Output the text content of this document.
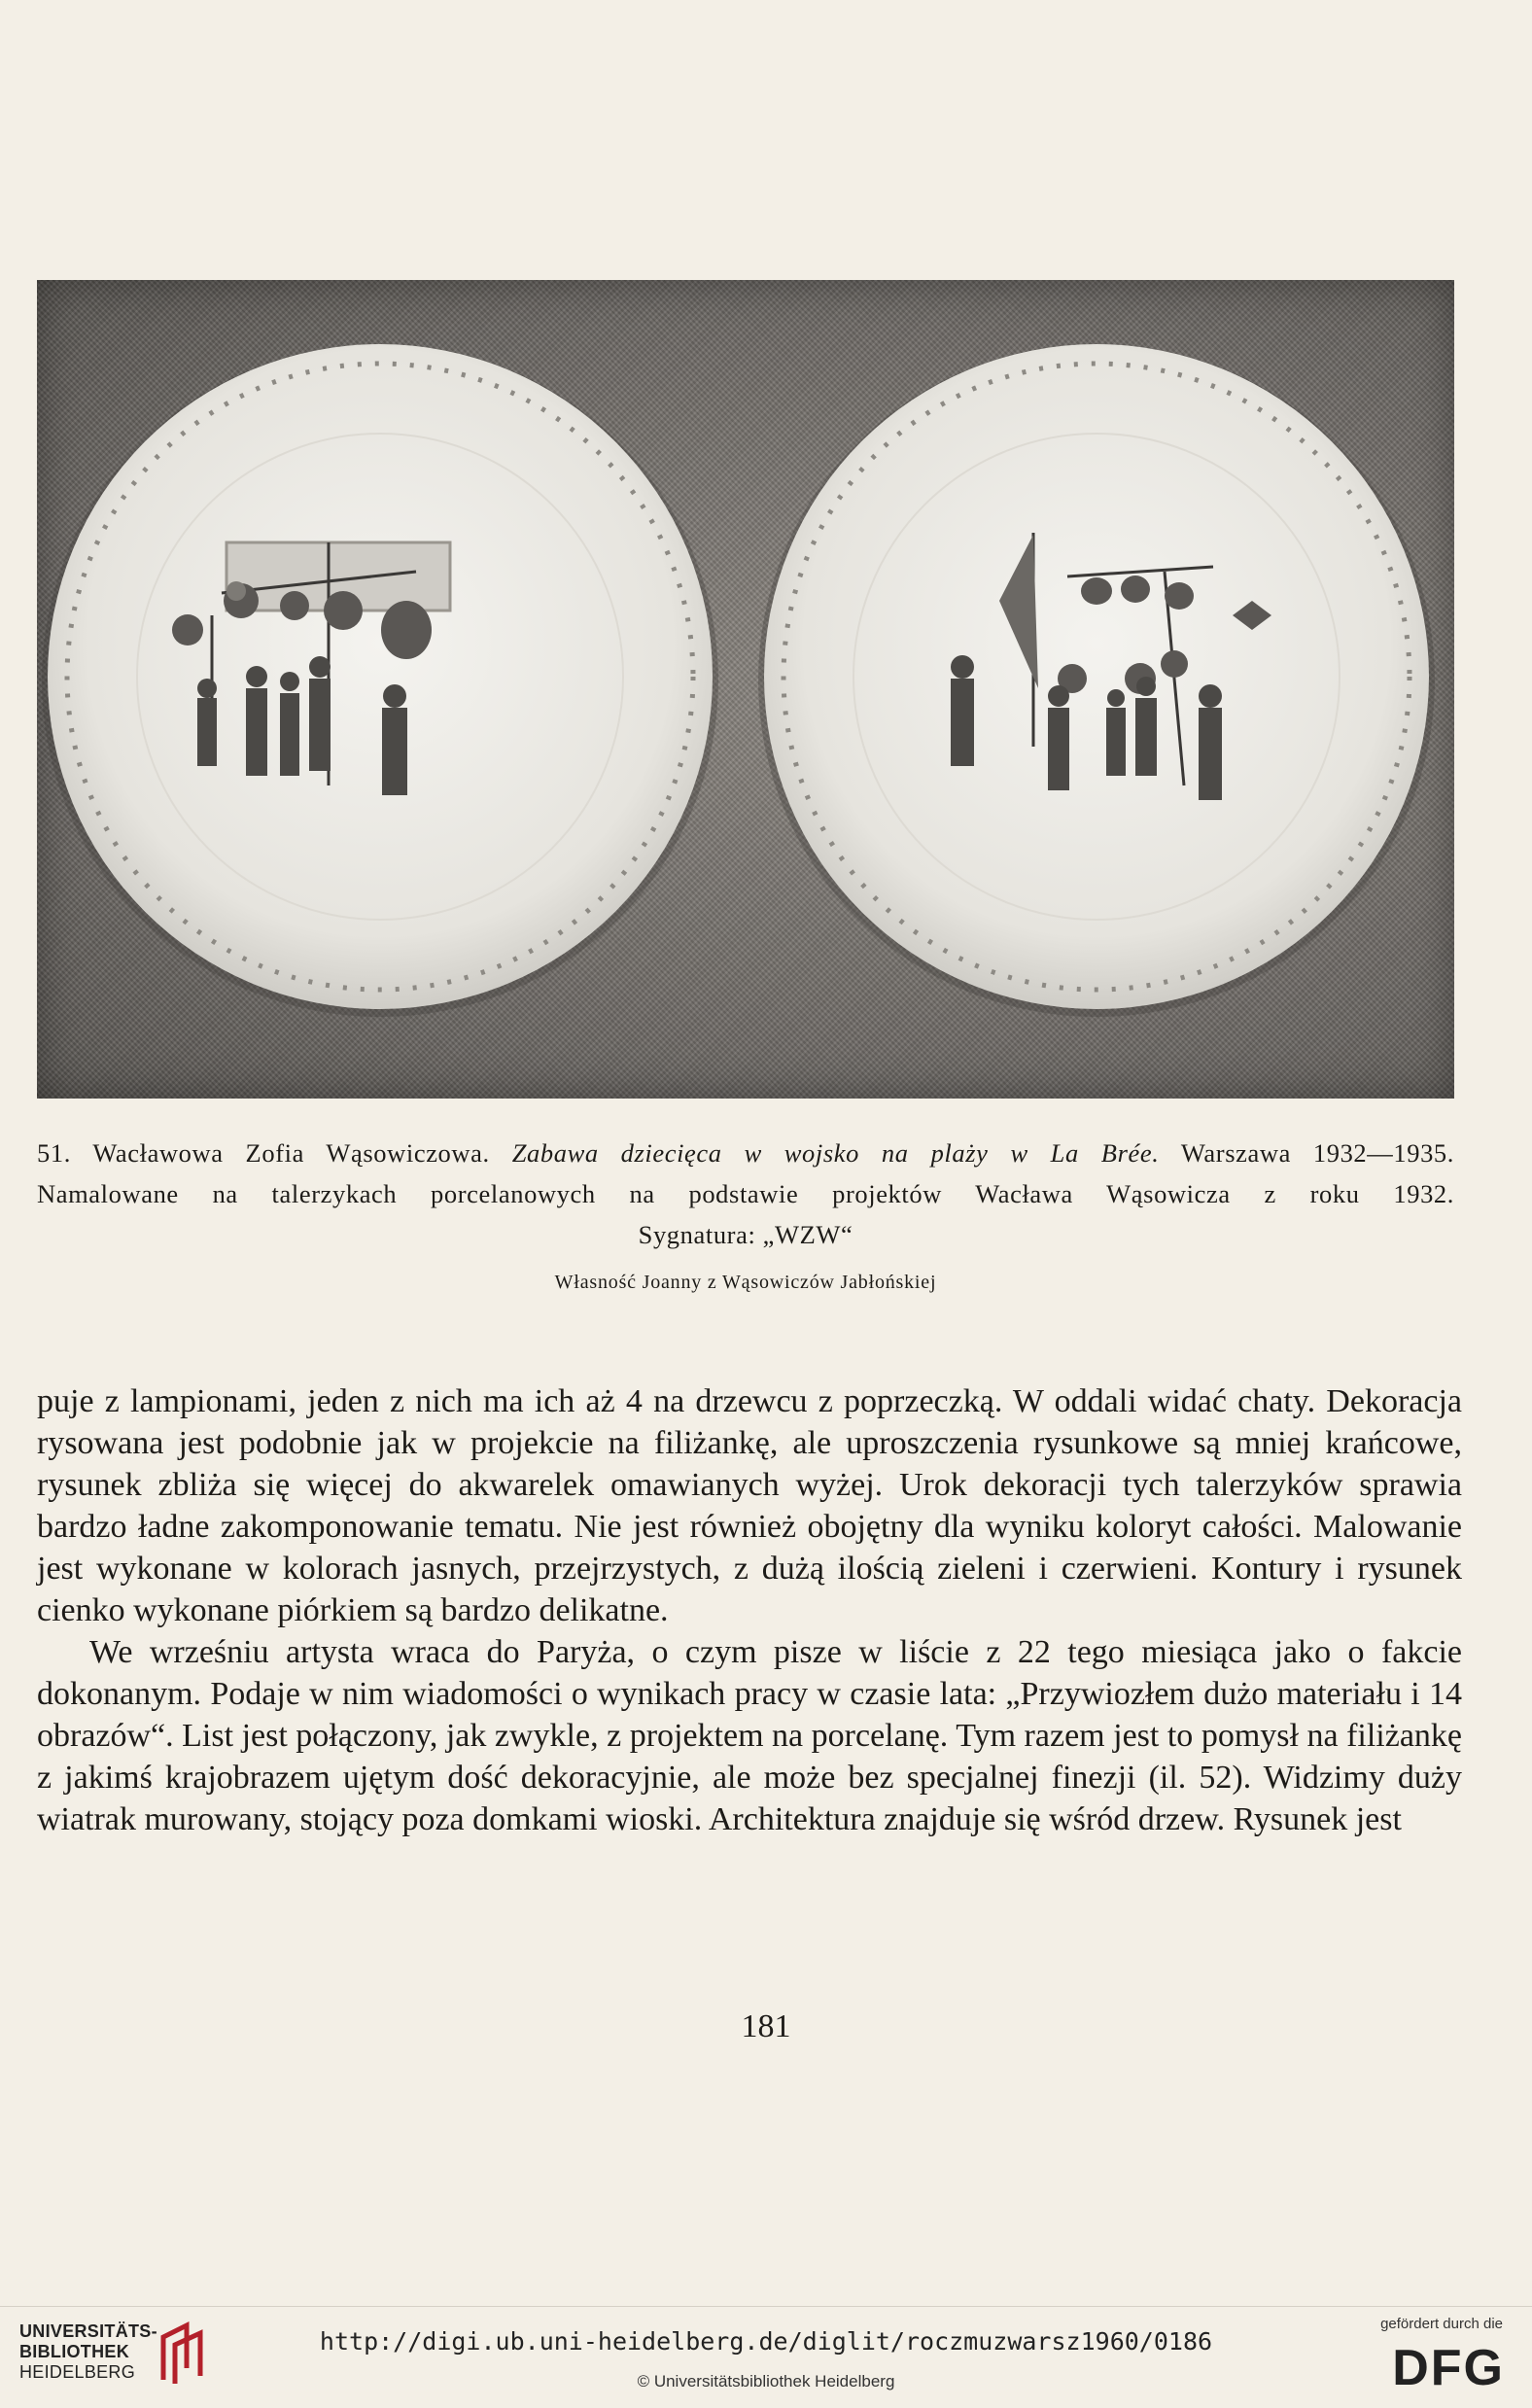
51. Wacławowa Zofia Wąsowiczowa. Zabawa dziecięca w wojsko na plaży w La Brée. Warszawa 1932—1935.
Namalowane na talerzykach porcelanowych na podstawie projektów Wacława Wąsowicza z roku 1932.
Sygnatura: „WZW“
Własność Joanny z Wąsowiczów Jabłońskiej

puje z lampionami, jeden z nich ma ich aż 4 na drzewcu z poprzeczką. W oddali widać chaty. Dekoracja rysowana jest podobnie jak w projekcie na filiżankę, ale uproszczenia rysunkowe są mniej krańcowe, rysunek zbliża się więcej do akwarelek omawianych wyżej. Urok dekoracji tych talerzyków sprawia bardzo ładne zakomponowanie tematu. Nie jest również obojętny dla wyniku koloryt całości. Malowanie jest wykonane w kolorach jasnych, przejrzystych, z dużą ilością zieleni i czerwieni. Kontury i rysunek cienko wykonane piórkiem są bardzo delikatne.

We wrześniu artysta wraca do Paryża, o czym pisze w liście z 22 tego miesiąca jako o fakcie dokonanym. Podaje w nim wiadomości o wynikach pracy w czasie lata: „Przywiozłem dużo materiału i 14 obrazów“. List jest połączony, jak zwykle, z projektem na porcelanę. Tym razem jest to pomysł na filiżankę z jakimś krajobrazem ujętym dość dekoracyjnie, ale może bez specjalnej finezji (il. 52). Widzimy duży wiatrak murowany, stojący poza domkami wioski. Architektura znajduje się wśród drzew. Rysunek jest

181
UNIVERSITÄTS-
BIBLIOTHEK
HEIDELBERG
http://digi.ub.uni-heidelberg.de/diglit/roczmuzwarsz1960/0186
© Universitätsbibliothek Heidelberg
gefördert durch die
DFG
